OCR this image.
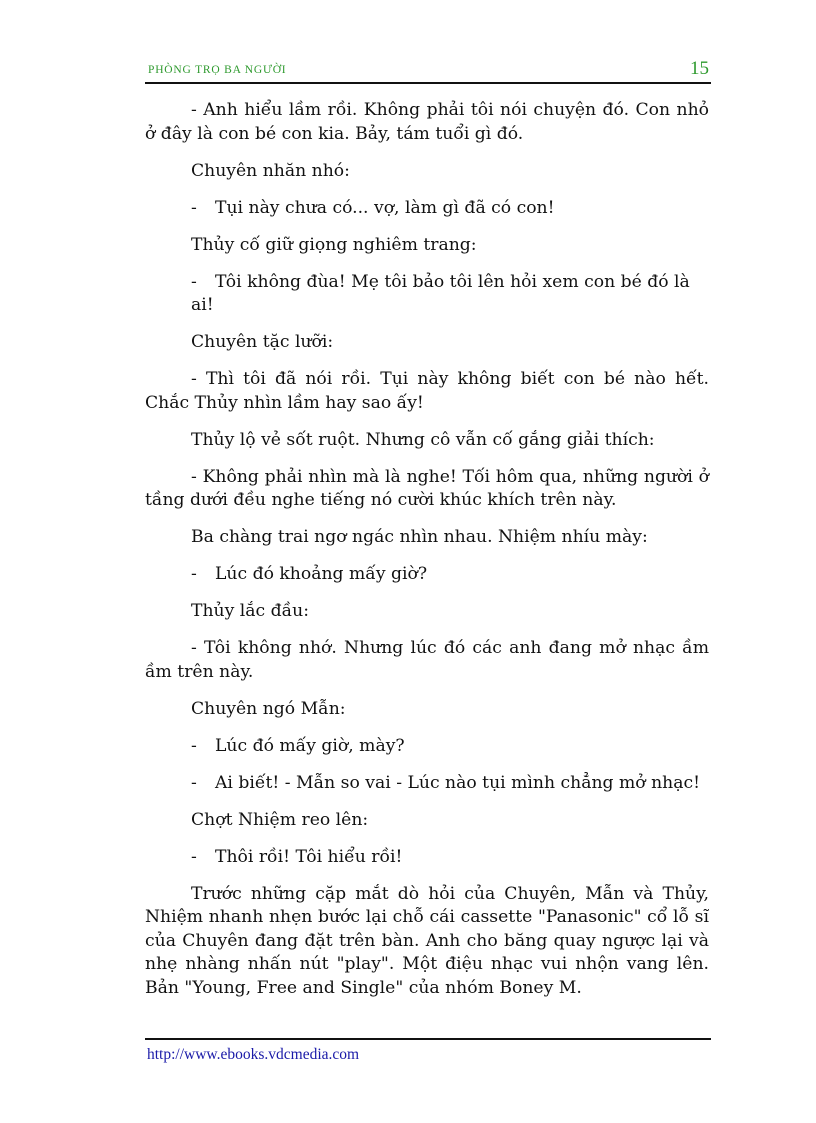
PHÒNG TRỌ BA NGƯỜI	15

- Anh hiểu lầm rồi. Không phải tôi nói chuyện đó. Con nhỏ ở đây là con bé con kia. Bảy, tám tuổi gì đó.

Chuyên nhăn nhó:

- Tụi này chưa có... vợ, làm gì đã có con!

Thủy cố giữ giọng nghiêm trang:

- Tôi không đùa! Mẹ tôi bảo tôi lên hỏi xem con bé đó là ai!

Chuyên tặc lưỡi:

- Thì tôi đã nói rồi. Tụi này không biết con bé nào hết. Chắc Thủy nhìn lầm hay sao ấy!

Thủy lộ vẻ sốt ruột. Nhưng cô vẫn cố gắng giải thích:

- Không phải nhìn mà là nghe! Tối hôm qua, những người ở tầng dưới đều nghe tiếng nó cười khúc khích trên này.

Ba chàng trai ngơ ngác nhìn nhau. Nhiệm nhíu mày:

- Lúc đó khoảng mấy giờ?

Thủy lắc đầu:

- Tôi không nhớ. Nhưng lúc đó các anh đang mở nhạc ầm ầm trên này.

Chuyên ngó Mẫn:

- Lúc đó mấy giờ, mày?

- Ai biết! - Mẫn so vai - Lúc nào tụi mình chẳng mở nhạc!

Chợt Nhiệm reo lên:

- Thôi rồi! Tôi hiểu rồi!

Trước những cặp mắt dò hỏi của Chuyên, Mẫn và Thủy, Nhiệm nhanh nhẹn bước lại chỗ cái cassette "Panasonic" cổ lỗ sĩ của Chuyên đang đặt trên bàn. Anh cho băng quay ngược lại và nhẹ nhàng nhấn nút "play". Một điệu nhạc vui nhộn vang lên. Bản "Young, Free and Single" của nhóm Boney M.

http://www.ebooks.vdcmedia.com
